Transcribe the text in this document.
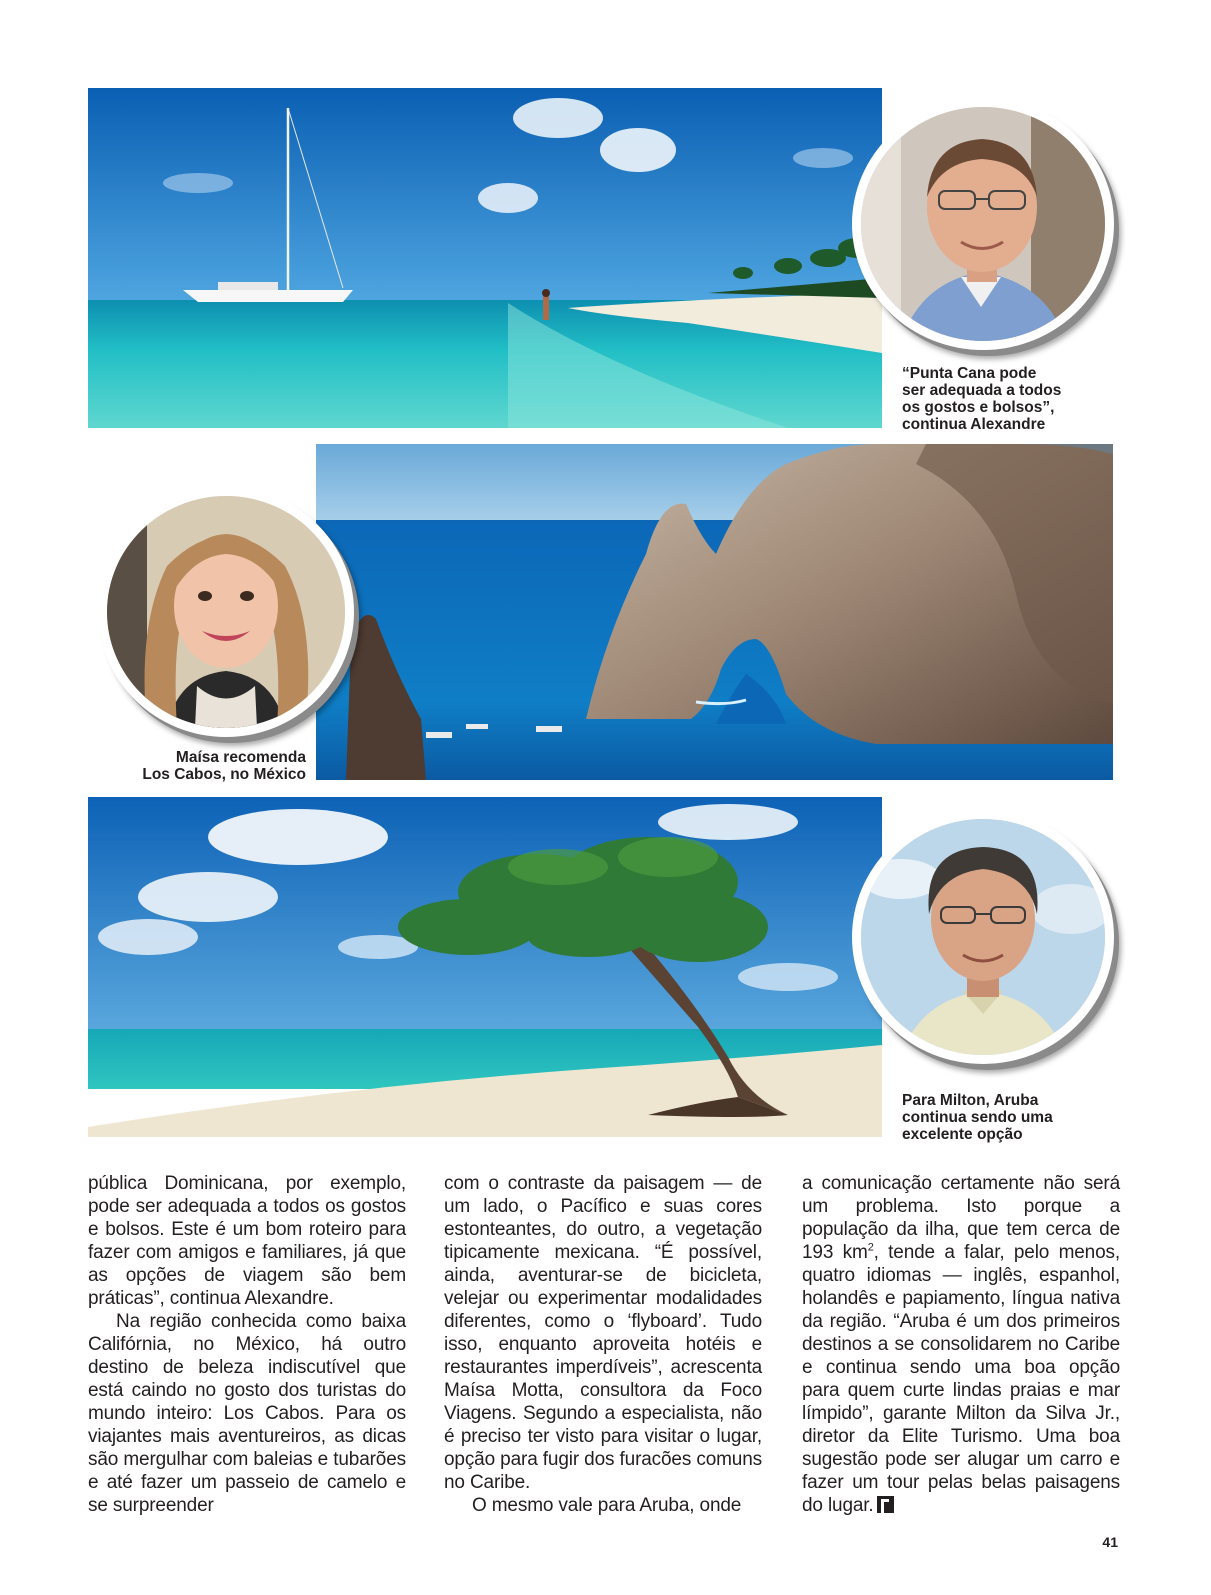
“Punta Cana pode
ser adequada a todos
os gostos e bolsos”,
continua Alexandre
Maísa recomenda
Los Cabos, no México
Para Milton, Aruba
continua sendo uma
excelente opção

pública Dominicana, por exemplo, pode ser adequada a todos os gostos e bolsos. Este é um bom roteiro para fazer com amigos e familiares, já que as opções de viagem são bem práticas”, continua Alexandre.

Na região conhecida como baixa Califórnia, no México, há outro destino de beleza indiscutível que está caindo no gosto dos turistas do mundo inteiro: Los Cabos. Para os viajantes mais aventureiros, as dicas são mergulhar com baleias e tubarões e até fazer um passeio de camelo e se surpreender

com o contraste da paisagem — de um lado, o Pacífico e suas cores estonteantes, do outro, a vegetação tipicamente mexicana. “É possível, ainda, aventurar-se de bicicleta, velejar ou experimentar modalidades diferentes, como o ‘flyboard’. Tudo isso, enquanto aproveita hotéis e restaurantes imperdíveis”, acrescenta Maísa Motta, consultora da Foco Viagens. Segundo a especialista, não é preciso ter visto para visitar o lugar, opção para fugir dos furacões comuns no Caribe.

O mesmo vale para Aruba, onde

a comunicação certamente não será um problema. Isto porque a população da ilha, que tem cerca de 193 $km^2$, tende a falar, pelo menos, quatro idiomas — inglês, espanhol, holandês e papiamento, língua nativa da região. “Aruba é um dos primeiros destinos a se consolidarem no Caribe e continua sendo uma boa opção para quem curte lindas praias e mar límpido”, garante Milton da Silva Jr., diretor da Elite Turismo. Uma boa sugestão pode ser alugar um carro e fazer um tour pelas belas paisagens do lugar.

41
